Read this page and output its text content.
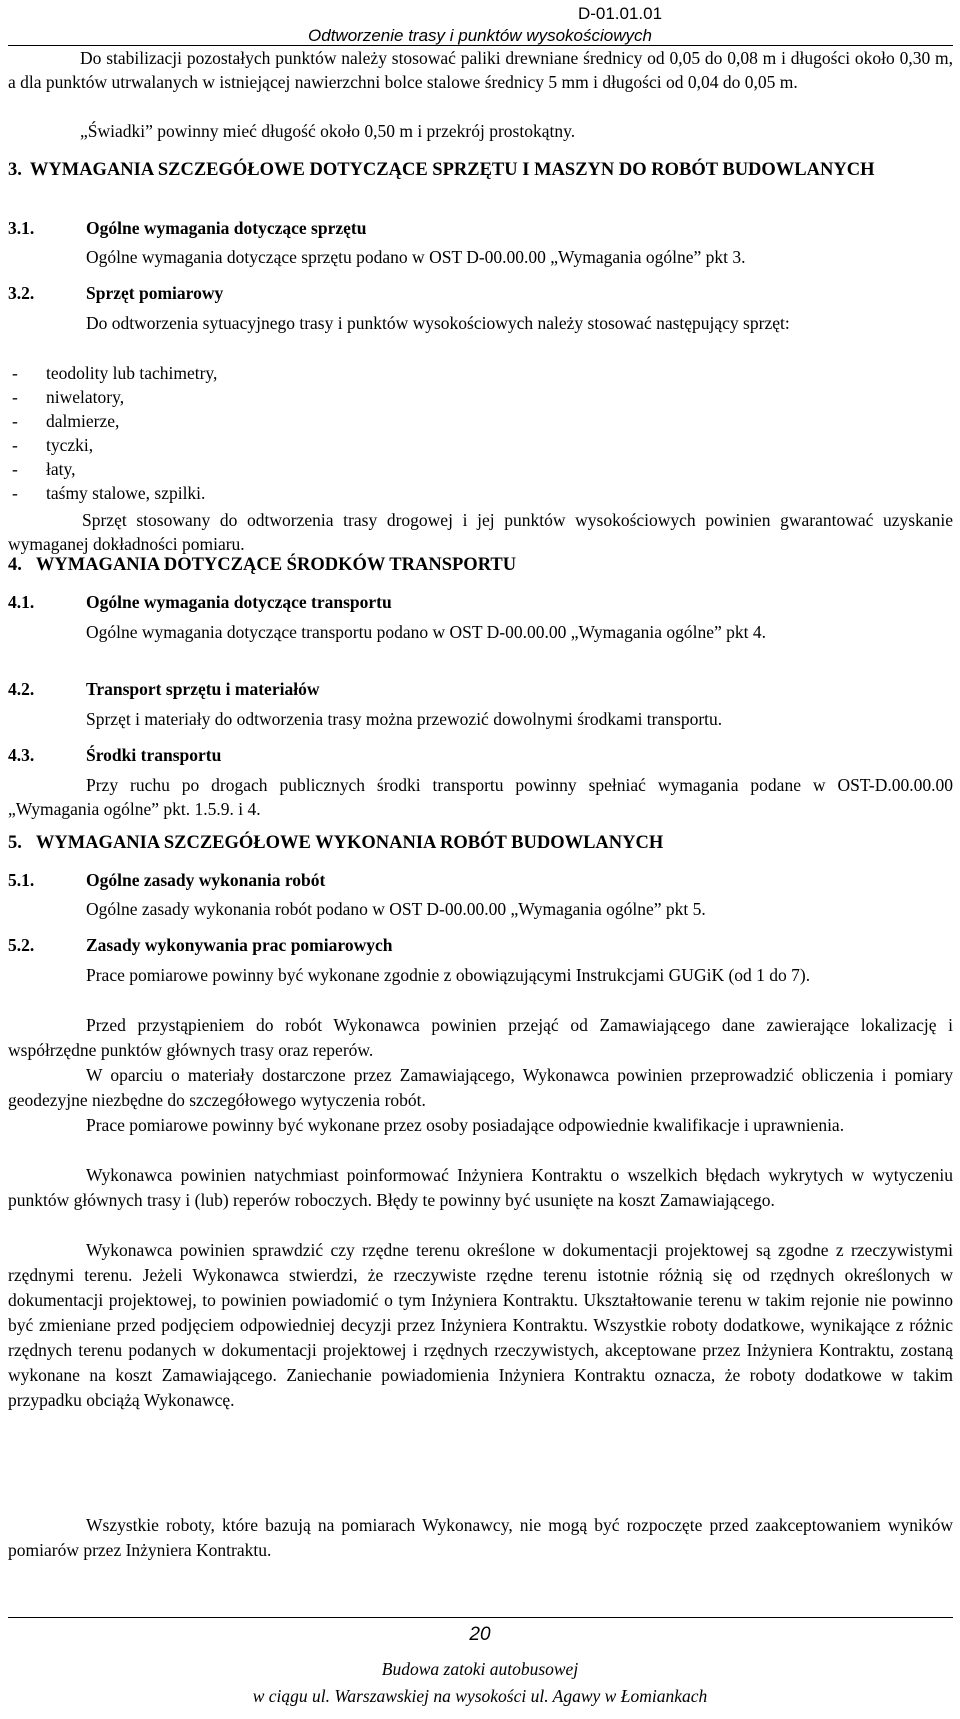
D-01.01.01
Odtworzenie trasy i punktów wysokościowych
Do stabilizacji pozostałych punktów należy stosować paliki drewniane średnicy od 0,05 do 0,08 m i długości około 0,30 m, a dla punktów utrwalanych w istniejącej nawierzchni bolce stalowe średnicy 5 mm i długości od 0,04 do 0,05 m.
„Świadki” powinny mieć długość około 0,50 m i przekrój prostokątny.
3. WYMAGANIA SZCZEGÓŁOWE DOTYCZĄCE SPRZĘTU I MASZYN DO ROBÓT BUDOWLANYCH
3.1.	Ogólne wymagania dotyczące sprzętu
Ogólne wymagania dotyczące sprzętu podano w OST D-00.00.00 „Wymagania ogólne” pkt 3.
3.2.	Sprzęt pomiarowy
Do odtworzenia sytuacyjnego trasy i punktów wysokościowych należy stosować następujący sprzęt:
- teodolity lub tachimetry,
- niwelatory,
- dalmierze,
- tyczki,
- łaty,
- taśmy stalowe, szpilki.
Sprzęt stosowany do odtworzenia trasy drogowej i jej punktów wysokościowych powinien gwarantować uzyskanie wymaganej dokładności pomiaru.
4. WYMAGANIA DOTYCZĄCE ŚRODKÓW TRANSPORTU
4.1.	Ogólne wymagania dotyczące transportu
Ogólne wymagania dotyczące transportu podano w OST D-00.00.00 „Wymagania ogólne” pkt 4.
4.2.	Transport sprzętu i materiałów
Sprzęt i materiały do odtworzenia trasy można przewozić dowolnymi środkami transportu.
4.3.	Środki transportu
Przy ruchu po drogach publicznych środki transportu powinny spełniać wymagania podane w OST-D.00.00.00 „Wymagania ogólne” pkt. 1.5.9. i 4.
5. WYMAGANIA SZCZEGÓŁOWE WYKONANIA ROBÓT BUDOWLANYCH
5.1.	Ogólne zasady wykonania robót
Ogólne zasady wykonania robót podano w OST D-00.00.00 „Wymagania ogólne” pkt 5.
5.2.	Zasady wykonywania prac pomiarowych
Prace pomiarowe powinny być wykonane zgodnie z obowiązującymi Instrukcjami GUGiK (od 1 do 7).
Przed przystąpieniem do robót Wykonawca powinien przejąć od Zamawiającego dane zawierające lokalizację i współrzędne punktów głównych trasy oraz reperów.
W oparciu o materiały dostarczone przez Zamawiającego, Wykonawca powinien przeprowadzić obliczenia i pomiary geodezyjne niezbędne do szczegółowego wytyczenia robót.
Prace pomiarowe powinny być wykonane przez osoby posiadające odpowiednie kwalifikacje i uprawnienia.
Wykonawca powinien natychmiast poinformować Inżyniera Kontraktu o wszelkich błędach wykrytych w wytyczeniu punktów głównych trasy i (lub) reperów roboczych. Błędy te powinny być usunięte na koszt Zamawiającego.
Wykonawca powinien sprawdzić czy rzędne terenu określone w dokumentacji projektowej są zgodne z rzeczywistymi rzędnymi terenu. Jeżeli Wykonawca stwierdzi, że rzeczywiste rzędne terenu istotnie różnią się od rzędnych określonych w dokumentacji projektowej, to powinien powiadomić o tym Inżyniera Kontraktu. Ukształtowanie terenu w takim rejonie nie powinno być zmieniane przed podjęciem odpowiedniej decyzji przez Inżyniera Kontraktu. Wszystkie roboty dodatkowe, wynikające z różnic rzędnych terenu podanych w dokumentacji projektowej i rzędnych rzeczywistych, akceptowane przez Inżyniera Kontraktu, zostaną wykonane na koszt Zamawiającego. Zaniechanie powiadomienia Inżyniera Kontraktu oznacza, że roboty dodatkowe w takim przypadku obciążą Wykonawcę.
Wszystkie roboty, które bazują na pomiarach Wykonawcy, nie mogą być rozpoczęte przed zaakceptowaniem wyników pomiarów przez Inżyniera Kontraktu.
20
Budowa zatoki autobusowej
w ciągu ul. Warszawskiej na wysokości ul. Agawy w Łomiankach
